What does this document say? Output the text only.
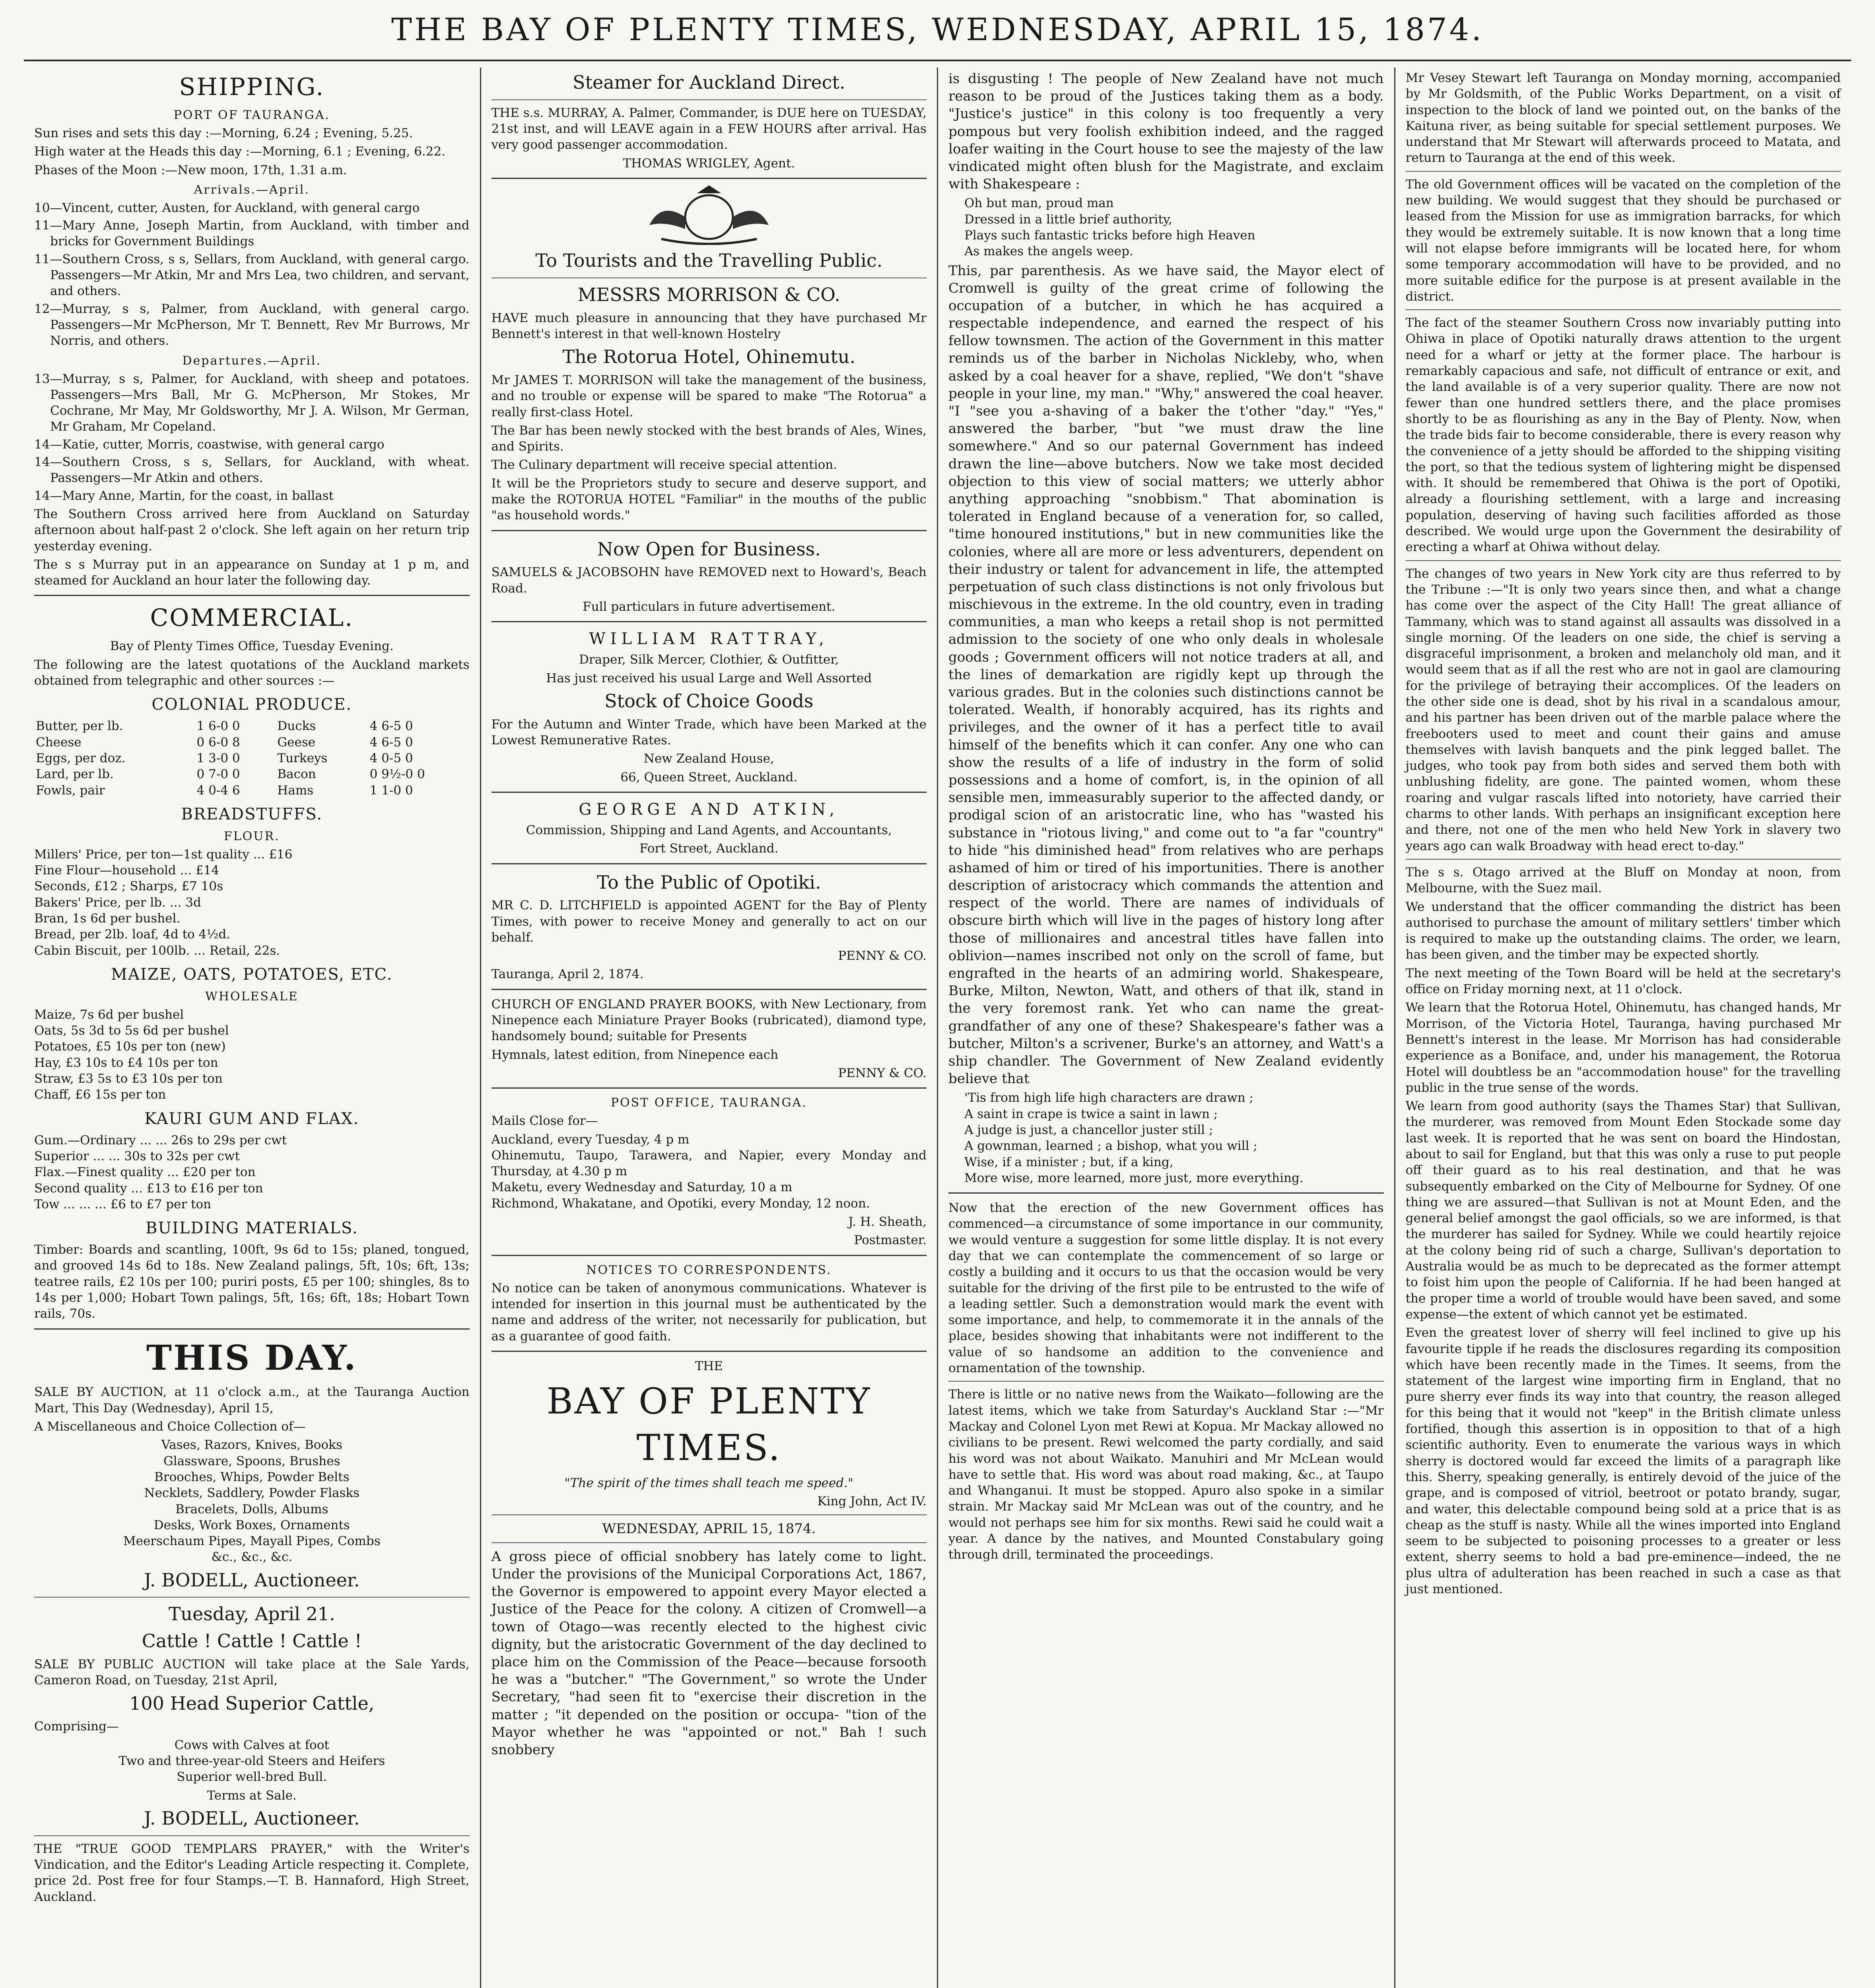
THE BAY OF PLENTY TIMES, WEDNESDAY, APRIL 15, 1874.
SHIPPING.
PORT OF TAURANGA.

Sun rises and sets this day :—Morning, 6.24 ; Evening, 5.25.

High water at the Heads this day :—Morning, 6.1 ; Evening, 6.22.

Phases of the Moon :—New moon, 17th, 1.31 a.m.

Arrivals.—April.
10—Vincent, cutter, Austen, for Auckland, with general cargo
11—Mary Anne, Joseph Martin, from Auckland, with timber and bricks for Government Buildings
11—Southern Cross, s s, Sellars, from Auckland, with general cargo. Passengers—Mr Atkin, Mr and Mrs Lea, two children, and servant, and others.
12—Murray, s s, Palmer, from Auckland, with general cargo. Passengers—Mr McPherson, Mr T. Bennett, Rev Mr Burrows, Mr Norris, and others.
Departures.—April.
13—Murray, s s, Palmer, for Auckland, with sheep and potatoes. Passengers—Mrs Ball, Mr G. McPherson, Mr Stokes, Mr Cochrane, Mr May, Mr Goldsworthy, Mr J. A. Wilson, Mr German, Mr Graham, Mr Copeland.
14—Katie, cutter, Morris, coastwise, with general cargo
14—Southern Cross, s s, Sellars, for Auckland, with wheat. Passengers—Mr Atkin and others.
14—Mary Anne, Martin, for the coast, in ballast

The Southern Cross arrived here from Auckland on Saturday afternoon about half-past 2 o'clock. She left again on her return trip yesterday evening.

The s s Murray put in an appearance on Sunday at 1 p m, and steamed for Auckland an hour later the following day.

COMMERCIAL.

Bay of Plenty Times Office, Tuesday Evening.

The following are the latest quotations of the Auckland markets obtained from telegraphic and other sources :—

COLONIAL PRODUCE.
Butter, per lb.	1 6-0 0	Ducks	4 6-5 0
Cheese	0 6-0 8	Geese	4 6-5 0
Eggs, per doz.	1 3-0 0	Turkeys	4 0-5 0
Lard, per lb.	0 7-0 0	Bacon	0 9½-0 0
Fowls, pair	4 0-4 6	Hams	1 1-0 0
BREADSTUFFS.
FLOUR.
Millers' Price, per ton—1st quality ... £16
Fine Flour—household ... £14
Seconds, £12 ; Sharps, £7 10s
Bakers' Price, per lb. ... 3d
Bran, 1s 6d per bushel.
Bread, per 2lb. loaf, 4d to 4½d.
Cabin Biscuit, per 100lb. ... Retail, 22s.
MAIZE, OATS, POTATOES, ETC.
WHOLESALE
Maize, 7s 6d per bushel
Oats, 5s 3d to 5s 6d per bushel
Potatoes, £5 10s per ton (new)
Hay, £3 10s to £4 10s per ton
Straw, £3 5s to £3 10s per ton
Chaff, £6 15s per ton
KAURI GUM AND FLAX.
Gum.—Ordinary ... ... 26s to 29s per cwt
Superior ... ... 30s to 32s per cwt
Flax.—Finest quality ... £20 per ton
Second quality ... £13 to £16 per ton
Tow ... ... ... £6 to £7 per ton
BUILDING MATERIALS.

Timber: Boards and scantling, 100ft, 9s 6d to 15s; planed, tongued, and grooved 14s 6d to 18s. New Zealand palings, 5ft, 10s; 6ft, 13s; teatree rails, £2 10s per 100; puriri posts, £5 per 100; shingles, 8s to 14s per 1,000; Hobart Town palings, 5ft, 16s; 6ft, 18s; Hobart Town rails, 70s.

THIS DAY.

SALE BY AUCTION, at 11 o'clock a.m., at the Tauranga Auction Mart, This Day (Wednesday), April 15,

A Miscellaneous and Choice Collection of—

Vases, Razors, Knives, Books
Glassware, Spoons, Brushes
Brooches, Whips, Powder Belts
Necklets, Saddlery, Powder Flasks
Bracelets, Dolls, Albums
Desks, Work Boxes, Ornaments
Meerschaum Pipes, Mayall Pipes, Combs
&c., &c., &c.
J. BODELL, Auctioneer.
Tuesday, April 21.
Cattle ! Cattle ! Cattle !

SALE BY PUBLIC AUCTION will take place at the Sale Yards, Cameron Road, on Tuesday, 21st April,

100 Head Superior Cattle,

Comprising—

Cows with Calves at foot
Two and three-year-old Steers and Heifers
Superior well-bred Bull.

Terms at Sale.

J. BODELL, Auctioneer.

THE "TRUE GOOD TEMPLARS PRAYER," with the Writer's Vindication, and the Editor's Leading Article respecting it. Complete, price 2d. Post free for four Stamps.—T. B. Hannaford, High Street, Auckland.

Steamer for Auckland Direct.

THE s.s. MURRAY, A. Palmer, Commander, is DUE here on TUESDAY, 21st inst, and will LEAVE again in a FEW HOURS after arrival. Has very good passenger accommodation.

THOMAS WRIGLEY, Agent.

To Tourists and the Travelling Public.
MESSRS MORRISON & CO.

HAVE much pleasure in announcing that they have purchased Mr Bennett's interest in that well-known Hostelry

The Rotorua Hotel, Ohinemutu.

Mr JAMES T. MORRISON will take the management of the business, and no trouble or expense will be spared to make "The Rotorua" a really first-class Hotel.

The Bar has been newly stocked with the best brands of Ales, Wines, and Spirits.

The Culinary department will receive special attention.

It will be the Proprietors study to secure and deserve support, and make the ROTORUA HOTEL "Familiar" in the mouths of the public "as household words."

Now Open for Business.

SAMUELS & JACOBSOHN have REMOVED next to Howard's, Beach Road.

Full particulars in future advertisement.

WILLIAM RATTRAY,

Draper, Silk Mercer, Clothier, & Outfitter,

Has just received his usual Large and Well Assorted

Stock of Choice Goods

For the Autumn and Winter Trade, which have been Marked at the Lowest Remunerative Rates.

New Zealand House,

66, Queen Street, Auckland.

GEORGE AND ATKIN,

Commission, Shipping and Land Agents, and Accountants,

Fort Street, Auckland.

To the Public of Opotiki.

MR C. D. LITCHFIELD is appointed AGENT for the Bay of Plenty Times, with power to receive Money and generally to act on our behalf.

PENNY & CO.

Tauranga, April 2, 1874.

CHURCH OF ENGLAND PRAYER BOOKS, with New Lectionary, from Ninepence each Miniature Prayer Books (rubricated), diamond type, handsomely bound; suitable for Presents

Hymnals, latest edition, from Ninepence each

PENNY & CO.

POST OFFICE, TAURANGA.

Mails Close for—

Auckland, every Tuesday, 4 p m
Ohinemutu, Taupo, Tarawera, and Napier, every Monday and Thursday, at 4.30 p m
Maketu, every Wednesday and Saturday, 10 a m
Richmond, Whakatane, and Opotiki, every Monday, 12 noon.

J. H. Sheath,

Postmaster.

NOTICES TO CORRESPONDENTS.

No notice can be taken of anonymous communications. Whatever is intended for insertion in this journal must be authenticated by the name and address of the writer, not necessarily for publication, but as a guarantee of good faith.

THE
BAY OF PLENTY TIMES.

"The spirit of the times shall teach me speed."

King John, Act IV.

WEDNESDAY, APRIL 15, 1874.

A gross piece of official snobbery has lately come to light. Under the provisions of the Municipal Corporations Act, 1867, the Governor is empowered to appoint every Mayor elected a Justice of the Peace for the colony. A citizen of Cromwell—a town of Otago—was recently elected to the highest civic dignity, but the aristocratic Government of the day declined to place him on the Commission of the Peace—because forsooth he was a "butcher." "The Government," so wrote the Under Secretary, "had seen fit to "exercise their discretion in the matter ; "it depended on the position or occupa- "tion of the Mayor whether he was "appointed or not." Bah ! such snobbery

is disgusting ! The people of New Zealand have not much reason to be proud of the Justices taking them as a body. "Justice's justice" in this colony is too frequently a very pompous but very foolish exhibition indeed, and the ragged loafer waiting in the Court house to see the majesty of the law vindicated might often blush for the Magistrate, and exclaim with Shakespeare :

Oh but man, proud man
Dressed in a little brief authority,
Plays such fantastic tricks before high Heaven
As makes the angels weep.

This, par parenthesis. As we have said, the Mayor elect of Cromwell is guilty of the great crime of following the occupation of a butcher, in which he has acquired a respectable independence, and earned the respect of his fellow townsmen. The action of the Government in this matter reminds us of the barber in Nicholas Nickleby, who, when asked by a coal heaver for a shave, replied, "We don't "shave people in your line, my man." "Why," answered the coal heaver. "I "see you a-shaving of a baker the t'other "day." "Yes," answered the barber, "but "we must draw the line somewhere." And so our paternal Government has indeed drawn the line—above butchers. Now we take most decided objection to this view of social matters; we utterly abhor anything approaching "snobbism." That abomination is tolerated in England because of a veneration for, so called, "time honoured institutions," but in new communities like the colonies, where all are more or less adventurers, dependent on their industry or talent for advancement in life, the attempted perpetuation of such class distinctions is not only frivolous but mischievous in the extreme. In the old country, even in trading communities, a man who keeps a retail shop is not permitted admission to the society of one who only deals in wholesale goods ; Government officers will not notice traders at all, and the lines of demarkation are rigidly kept up through the various grades. But in the colonies such distinctions cannot be tolerated. Wealth, if honorably acquired, has its rights and privileges, and the owner of it has a perfect title to avail himself of the benefits which it can confer. Any one who can show the results of a life of industry in the form of solid possessions and a home of comfort, is, in the opinion of all sensible men, immeasurably superior to the affected dandy, or prodigal scion of an aristocratic line, who has "wasted his substance in "riotous living," and come out to "a far "country" to hide "his diminished head" from relatives who are perhaps ashamed of him or tired of his importunities. There is another description of aristocracy which commands the attention and respect of the world. There are names of individuals of obscure birth which will live in the pages of history long after those of millionaires and ancestral titles have fallen into oblivion—names inscribed not only on the scroll of fame, but engrafted in the hearts of an admiring world. Shakespeare, Burke, Milton, Newton, Watt, and others of that ilk, stand in the very foremost rank. Yet who can name the great-grandfather of any one of these? Shakespeare's father was a butcher, Milton's a scrivener, Burke's an attorney, and Watt's a ship chandler. The Government of New Zealand evidently believe that

'Tis from high life high characters are drawn ;
A saint in crape is twice a saint in lawn ;
A judge is just, a chancellor juster still ;
A gownman, learned ; a bishop, what you will ;
Wise, if a minister ; but, if a king,
More wise, more learned, more just, more everything.

Now that the erection of the new Government offices has commenced—a circumstance of some importance in our community, we would venture a suggestion for some little display. It is not every day that we can contemplate the commencement of so large or costly a building and it occurs to us that the occasion would be very suitable for the driving of the first pile to be entrusted to the wife of a leading settler. Such a demonstration would mark the event with some importance, and help, to commemorate it in the annals of the place, besides showing that inhabitants were not indifferent to the value of so handsome an addition to the convenience and ornamentation of the township.

There is little or no native news from the Waikato—following are the latest items, which we take from Saturday's Auckland Star :—"Mr Mackay and Colonel Lyon met Rewi at Kopua. Mr Mackay allowed no civilians to be present. Rewi welcomed the party cordially, and said his word was not about Waikato. Manuhiri and Mr McLean would have to settle that. His word was about road making, &c., at Taupo and Whanganui. It must be stopped. Apuro also spoke in a similar strain. Mr Mackay said Mr McLean was out of the country, and he would not perhaps see him for six months. Rewi said he could wait a year. A dance by the natives, and Mounted Constabulary going through drill, terminated the proceedings.

Mr Vesey Stewart left Tauranga on Monday morning, accompanied by Mr Goldsmith, of the Public Works Department, on a visit of inspection to the block of land we pointed out, on the banks of the Kaituna river, as being suitable for special settlement purposes. We understand that Mr Stewart will afterwards proceed to Matata, and return to Tauranga at the end of this week.

The old Government offices will be vacated on the completion of the new building. We would suggest that they should be purchased or leased from the Mission for use as immigration barracks, for which they would be extremely suitable. It is now known that a long time will not elapse before immigrants will be located here, for whom some temporary accommodation will have to be provided, and no more suitable edifice for the purpose is at present available in the district.

The fact of the steamer Southern Cross now invariably putting into Ohiwa in place of Opotiki naturally draws attention to the urgent need for a wharf or jetty at the former place. The harbour is remarkably capacious and safe, not difficult of entrance or exit, and the land available is of a very superior quality. There are now not fewer than one hundred settlers there, and the place promises shortly to be as flourishing as any in the Bay of Plenty. Now, when the trade bids fair to become considerable, there is every reason why the convenience of a jetty should be afforded to the shipping visiting the port, so that the tedious system of lightering might be dispensed with. It should be remembered that Ohiwa is the port of Opotiki, already a flourishing settlement, with a large and increasing population, deserving of having such facilities afforded as those described. We would urge upon the Government the desirability of erecting a wharf at Ohiwa without delay.

The changes of two years in New York city are thus referred to by the Tribune :—"It is only two years since then, and what a change has come over the aspect of the City Hall! The great alliance of Tammany, which was to stand against all assaults was dissolved in a single morning. Of the leaders on one side, the chief is serving a disgraceful imprisonment, a broken and melancholy old man, and it would seem that as if all the rest who are not in gaol are clamouring for the privilege of betraying their accomplices. Of the leaders on the other side one is dead, shot by his rival in a scandalous amour, and his partner has been driven out of the marble palace where the freebooters used to meet and count their gains and amuse themselves with lavish banquets and the pink legged ballet. The judges, who took pay from both sides and served them both with unblushing fidelity, are gone. The painted women, whom these roaring and vulgar rascals lifted into notoriety, have carried their charms to other lands. With perhaps an insignificant exception here and there, not one of the men who held New York in slavery two years ago can walk Broadway with head erect to-day."

The s s. Otago arrived at the Bluff on Monday at noon, from Melbourne, with the Suez mail.

We understand that the officer commanding the district has been authorised to purchase the amount of military settlers' timber which is required to make up the outstanding claims. The order, we learn, has been given, and the timber may be expected shortly.

The next meeting of the Town Board will be held at the secretary's office on Friday morning next, at 11 o'clock.

We learn that the Rotorua Hotel, Ohinemutu, has changed hands, Mr Morrison, of the Victoria Hotel, Tauranga, having purchased Mr Bennett's interest in the lease. Mr Morrison has had considerable experience as a Boniface, and, under his management, the Rotorua Hotel will doubtless be an "accommodation house" for the travelling public in the true sense of the words.

We learn from good authority (says the Thames Star) that Sullivan, the murderer, was removed from Mount Eden Stockade some day last week. It is reported that he was sent on board the Hindostan, about to sail for England, but that this was only a ruse to put people off their guard as to his real destination, and that he was subsequently embarked on the City of Melbourne for Sydney. Of one thing we are assured—that Sullivan is not at Mount Eden, and the general belief amongst the gaol officials, so we are informed, is that the murderer has sailed for Sydney. While we could heartily rejoice at the colony being rid of such a charge, Sullivan's deportation to Australia would be as much to be deprecated as the former attempt to foist him upon the people of California. If he had been hanged at the proper time a world of trouble would have been saved, and some expense—the extent of which cannot yet be estimated.

Even the greatest lover of sherry will feel inclined to give up his favourite tipple if he reads the disclosures regarding its composition which have been recently made in the Times. It seems, from the statement of the largest wine importing firm in England, that no pure sherry ever finds its way into that country, the reason alleged for this being that it would not "keep" in the British climate unless fortified, though this assertion is in opposition to that of a high scientific authority. Even to enumerate the various ways in which sherry is doctored would far exceed the limits of a paragraph like this. Sherry, speaking generally, is entirely devoid of the juice of the grape, and is composed of vitriol, beetroot or potato brandy, sugar, and water, this delectable compound being sold at a price that is as cheap as the stuff is nasty. While all the wines imported into England seem to be subjected to poisoning processes to a greater or less extent, sherry seems to hold a bad pre-eminence—indeed, the ne plus ultra of adulteration has been reached in such a case as that just mentioned.
